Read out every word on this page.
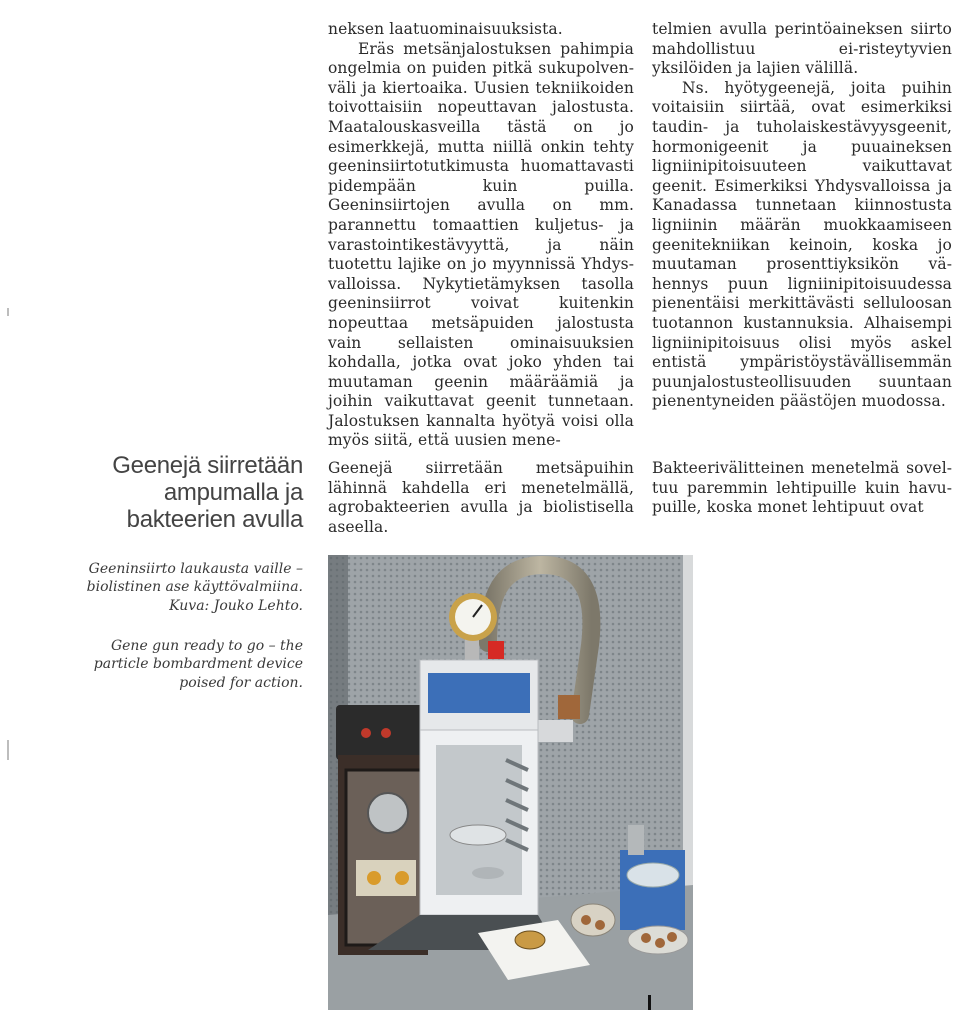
neksen laatuominaisuuksista.

Eräs metsänjalostuksen pahimpia ongelmia on puiden pitkä sukupolvenväli ja kiertoaika. Uusien tekniikoiden toivottaisiin nopeuttavan jalostusta. Maatalouskasveilla tästä on jo esimerkkejä, mutta niillä onkin tehty geeninsiirtotutkimusta huomattavasti pidempään kuin puilla. Geeninsiirtojen avulla on mm. parannettu tomaattien kuljetus- ja varastointikestävyyttä, ja näin tuotettu lajike on jo myynnissä Yhdysvalloissa. Nykytietämyksen tasolla geeninsiirrot voivat kuitenkin nopeuttaa metsäpuiden jalostusta vain sellaisten ominaisuuksien kohdalla, jotka ovat joko yhden tai muutaman geenin määräämiä ja joihin vaikuttavat geenit tunnetaan. Jalostuksen kannalta hyötyä voisi olla myös siitä, että uusien mene-

telmien avulla perintöaineksen siirto mahdollistuu ei-risteytyvien yksilöiden ja lajien välillä.

Ns. hyötygeenejä, joita puihin voitaisiin siirtää, ovat esimerkiksi taudin- ja tuholaiskestävyysgeenit, hormonigeenit ja puuaineksen ligniinipitoisuuteen vaikuttavat geenit. Esimerkiksi Yhdysvalloissa ja Kanadassa tunnetaan kiinnostusta ligniinin määrän muokkaamiseen geenitekniikan keinoin, koska jo muutaman prosenttiyksikön vähennys puun ligniinipitoisuudessa pienentäisi merkittävästi selluloosan tuotannon kustannuksia. Alhaisempi ligniinipitoisuus olisi myös askel entistä ympäristöystävällisemmän puunjalostusteollisuuden suuntaan pienentyneiden päästöjen muodossa.

Geenejä siirretään ampumalla ja bakteerien avulla

Geenejä siirretään metsäpuihin lähinnä kahdella eri menetelmällä, agrobakteerien avulla ja biolistisella aseella.

Bakteerivälitteinen menetelmä soveltuu paremmin lehtipuille kuin havupuille, koska monet lehtipuut ovat

Geeninsiirto laukausta vaille – biolistinen ase käyttövalmiina. Kuva: Jouko Lehto.
Gene gun ready to go – the particle bombardment device poised for action.
